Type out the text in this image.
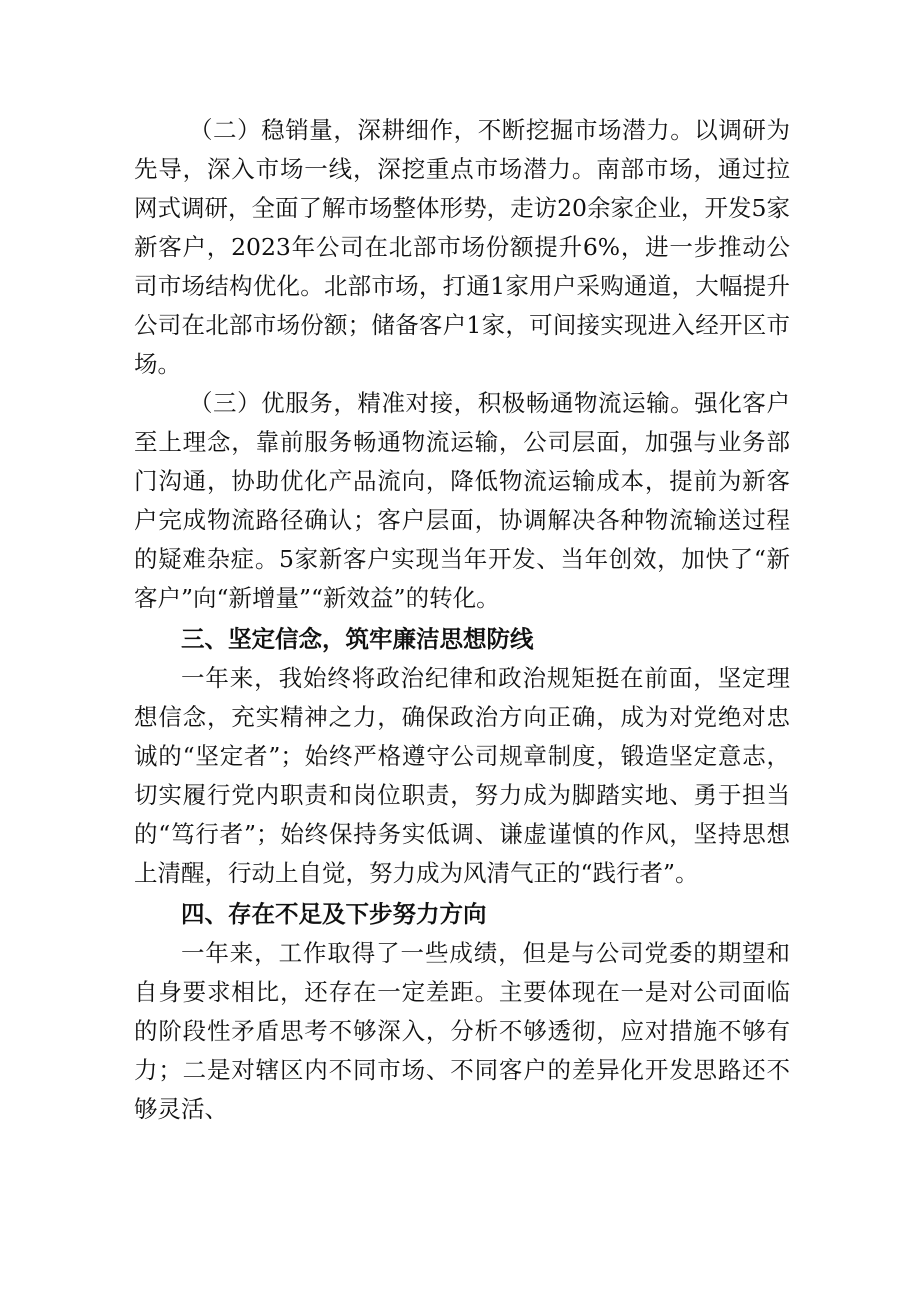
（二）稳销量，深耕细作，不断挖掘市场潜力。以调研为先导，深入市场一线，深挖重点市场潜力。南部市场，通过拉网式调研，全面了解市场整体形势，走访20余家企业，开发5家新客户，2023年公司在北部市场份额提升6%，进一步推动公司市场结构优化。北部市场，打通1家用户采购通道，大幅提升公司在北部市场份额；储备客户1家，可间接实现进入经开区市场。

（三）优服务，精准对接，积极畅通物流运输。强化客户至上理念，靠前服务畅通物流运输，公司层面，加强与业务部门沟通，协助优化产品流向，降低物流运输成本，提前为新客户完成物流路径确认；客户层面，协调解决各种物流输送过程的疑难杂症。5家新客户实现当年开发、当年创效，加快了“新客户”向“新增量”“新效益”的转化。

三、坚定信念，筑牢廉洁思想防线

一年来，我始终将政治纪律和政治规矩挺在前面，坚定理想信念，充实精神之力，确保政治方向正确，成为对党绝对忠诚的“坚定者”；始终严格遵守公司规章制度，锻造坚定意志，切实履行党内职责和岗位职责，努力成为脚踏实地、勇于担当的“笃行者”；始终保持务实低调、谦虚谨慎的作风，坚持思想上清醒，行动上自觉，努力成为风清气正的“践行者”。

四、存在不足及下步努力方向

一年来，工作取得了一些成绩，但是与公司党委的期望和自身要求相比，还存在一定差距。主要体现在一是对公司面临的阶段性矛盾思考不够深入，分析不够透彻，应对措施不够有力；二是对辖区内不同市场、不同客户的差异化开发思路还不够灵活、
